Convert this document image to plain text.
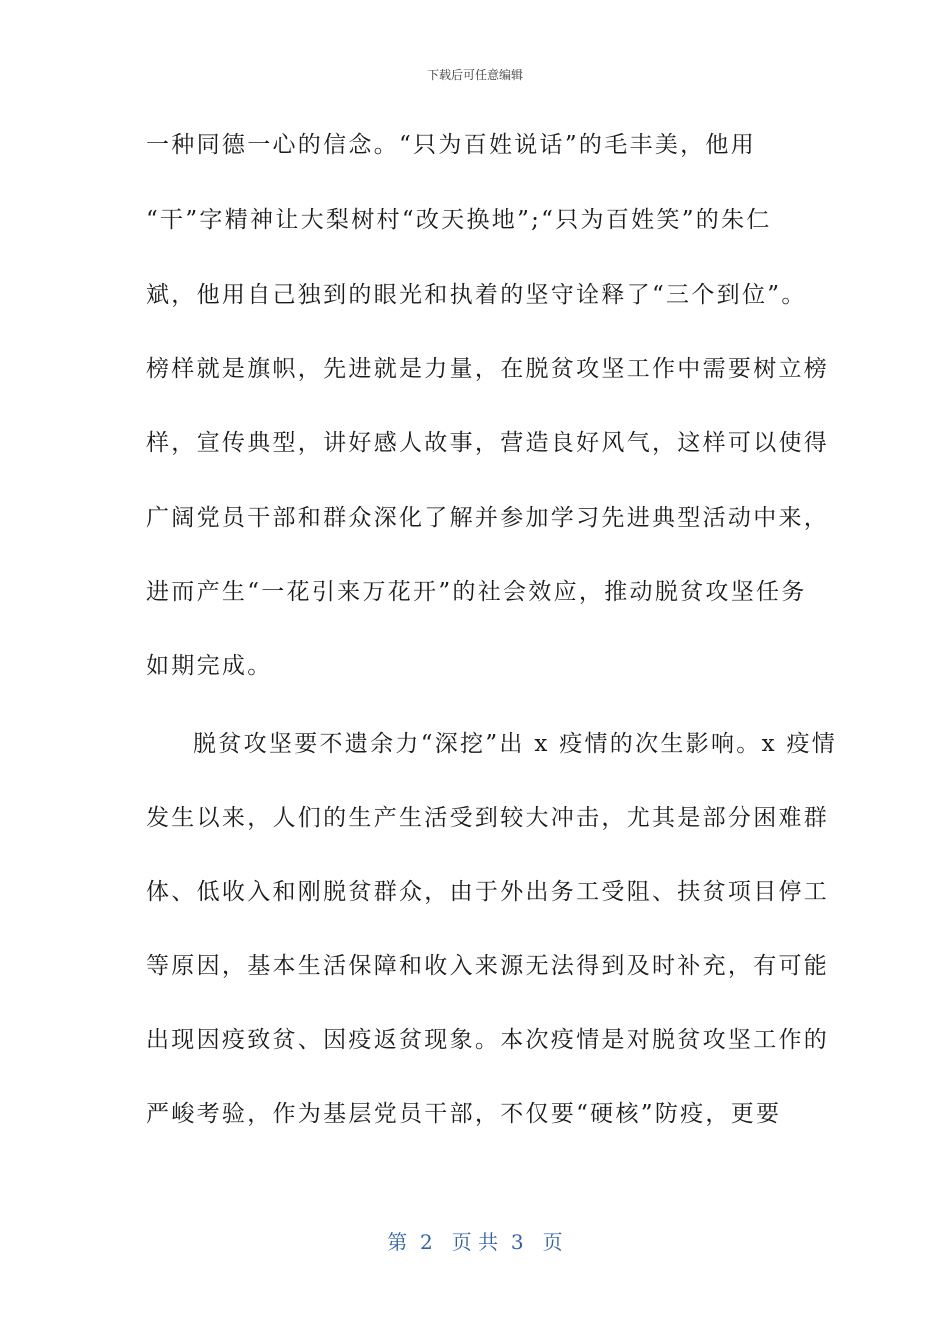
下载后可任意编辑
一种同德一心的信念。“只为百姓说话”的毛丰美，他用
“干”字精神让大梨树村“改天换地”;“只为百姓笑”的朱仁
斌，他用自己独到的眼光和执着的坚守诠释了“三个到位”。
榜样就是旗帜，先进就是力量，在脱贫攻坚工作中需要树立榜
样，宣传典型，讲好感人故事，营造良好风气，这样可以使得
广阔党员干部和群众深化了解并参加学习先进典型活动中来，
进而产生“一花引来万花开”的社会效应，推动脱贫攻坚任务
如期完成。
脱贫攻坚要不遗余力“深挖”出 x 疫情的次生影响。x 疫情
发生以来，人们的生产生活受到较大冲击，尤其是部分困难群
体、低收入和刚脱贫群众，由于外出务工受阻、扶贫项目停工
等原因，基本生活保障和收入来源无法得到及时补充，有可能
出现因疫致贫、因疫返贫现象。本次疫情是对脱贫攻坚工作的
严峻考验，作为基层党员干部，不仅要“硬核”防疫，更要
第  2   页 共  3   页
